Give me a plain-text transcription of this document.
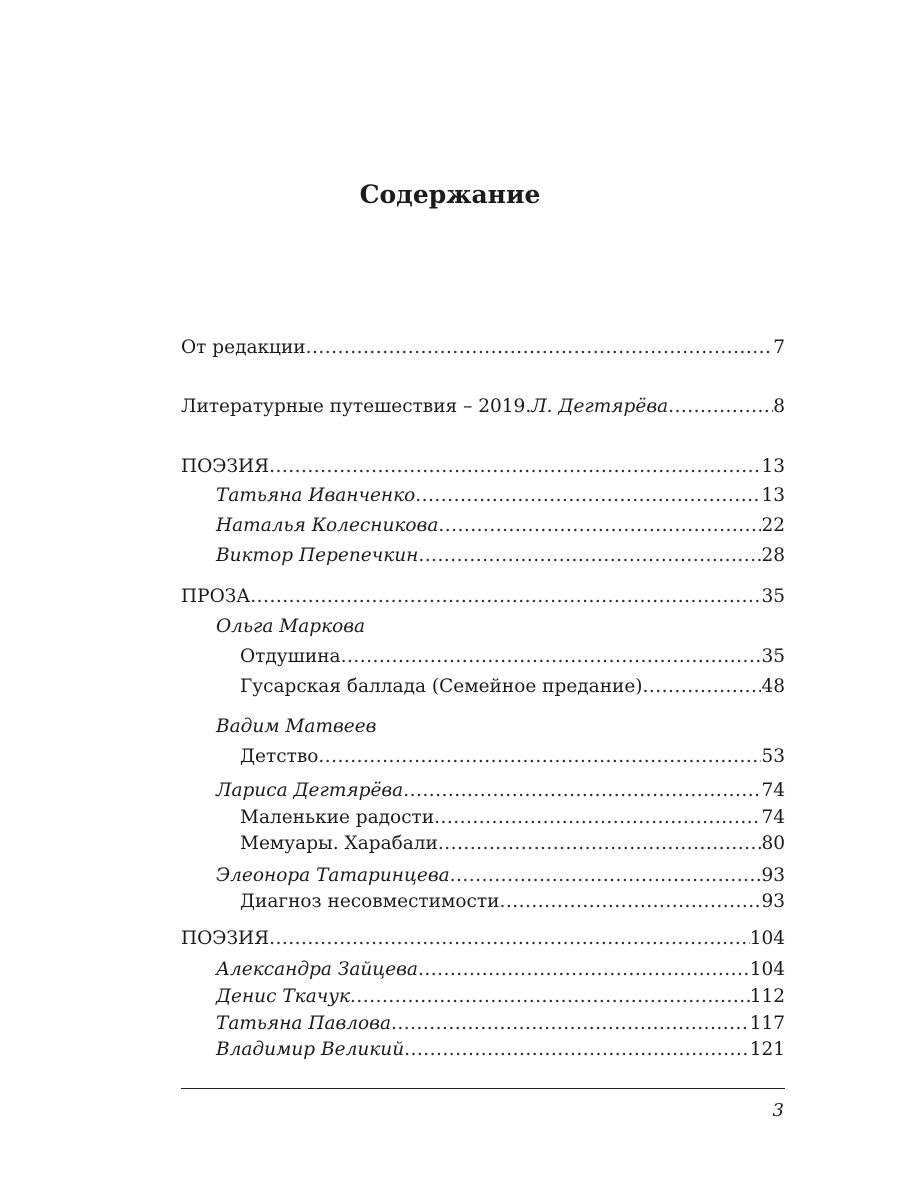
Содержание
От редакции .....	7
Литературные путешествия – 2019. Л. Дегтярёва .....	8
ПОЭЗИЯ .....	13
Татьяна Иванченко .....	13
Наталья Колесникова .....	22
Виктор Перепечкин .....	28
ПРОЗА .....	35
Ольга Маркова
Отдушина .....	35
Гусарская баллада (Семейное предание) .....	48
Вадим Матвеев
Детство .....	53
Лариса Дегтярёва .....	74
Маленькие радости .....	74
Мемуары. Харабали .....	80
Элеонора Татаринцева .....	93
Диагноз несовместимости .....	93
ПОЭЗИЯ .....	104
Александра Зайцева .....	104
Денис Ткачук .....	112
Татьяна Павлова .....	117
Владимир Великий .....	121
3
